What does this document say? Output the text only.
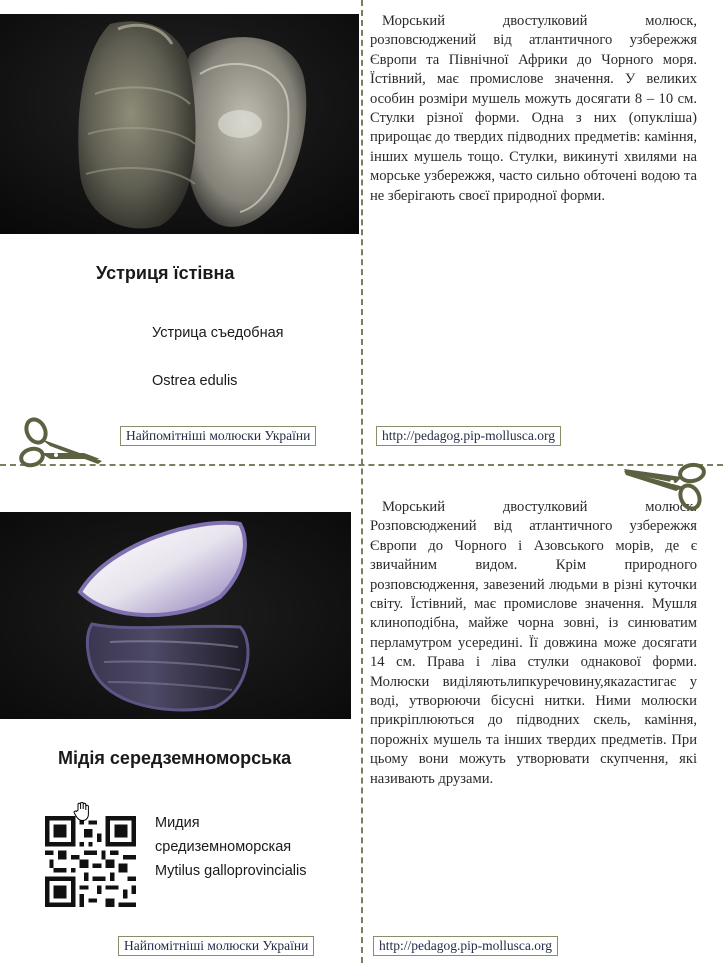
Устриця їстівна
Устрица съедобная
Ostrea edulis
Морський двостулковий молюск, розповсюджений від атлантичного узбережжя Європи та Північної Африки до Чорного моря. Їстівний, має промислове значення. У великих особин розміри мушель можуть досягати 8 – 10 см. Стулки різної форми. Одна з них (опукліша) прирощає до твердих підводних предметів: каміння, інших мушель тощо. Стулки, викинуті хвилями на морське узбережжя, часто сильно обточені водою та не зберігають своєї природної форми.
Найпомітніші молюски України	http://pedagog.pip-mollusca.org
Мідія середземноморська
Мидия
средиземноморская
Mytilus galloprovincialis
Морський двостулковий молюск. Розповсюджений від атлантичного узбережжя Європи до Чорного і Азовського морів, де є звичайним видом. Крім природного розповсюдження, завезений людьми в різні куточки світу. Їстівний, має промислове значення. Мушля клиноподібна, майже чорна зовні, із синюватим перламутром усередині. Її довжина може досягати 14 см. Права і ліва стулки однакової форми. Молюски виділяютьлипкуречовину,якazастигає у воді, утворюючи бісусні нитки. Ними молюски прикріплюються до підводних скель, каміння, порожніх мушель та інших твердих предметів. При цьому вони можуть утворювати скупчення, які називають друзами.
Найпомітніші молюски України	http://pedagog.pip-mollusca.org
